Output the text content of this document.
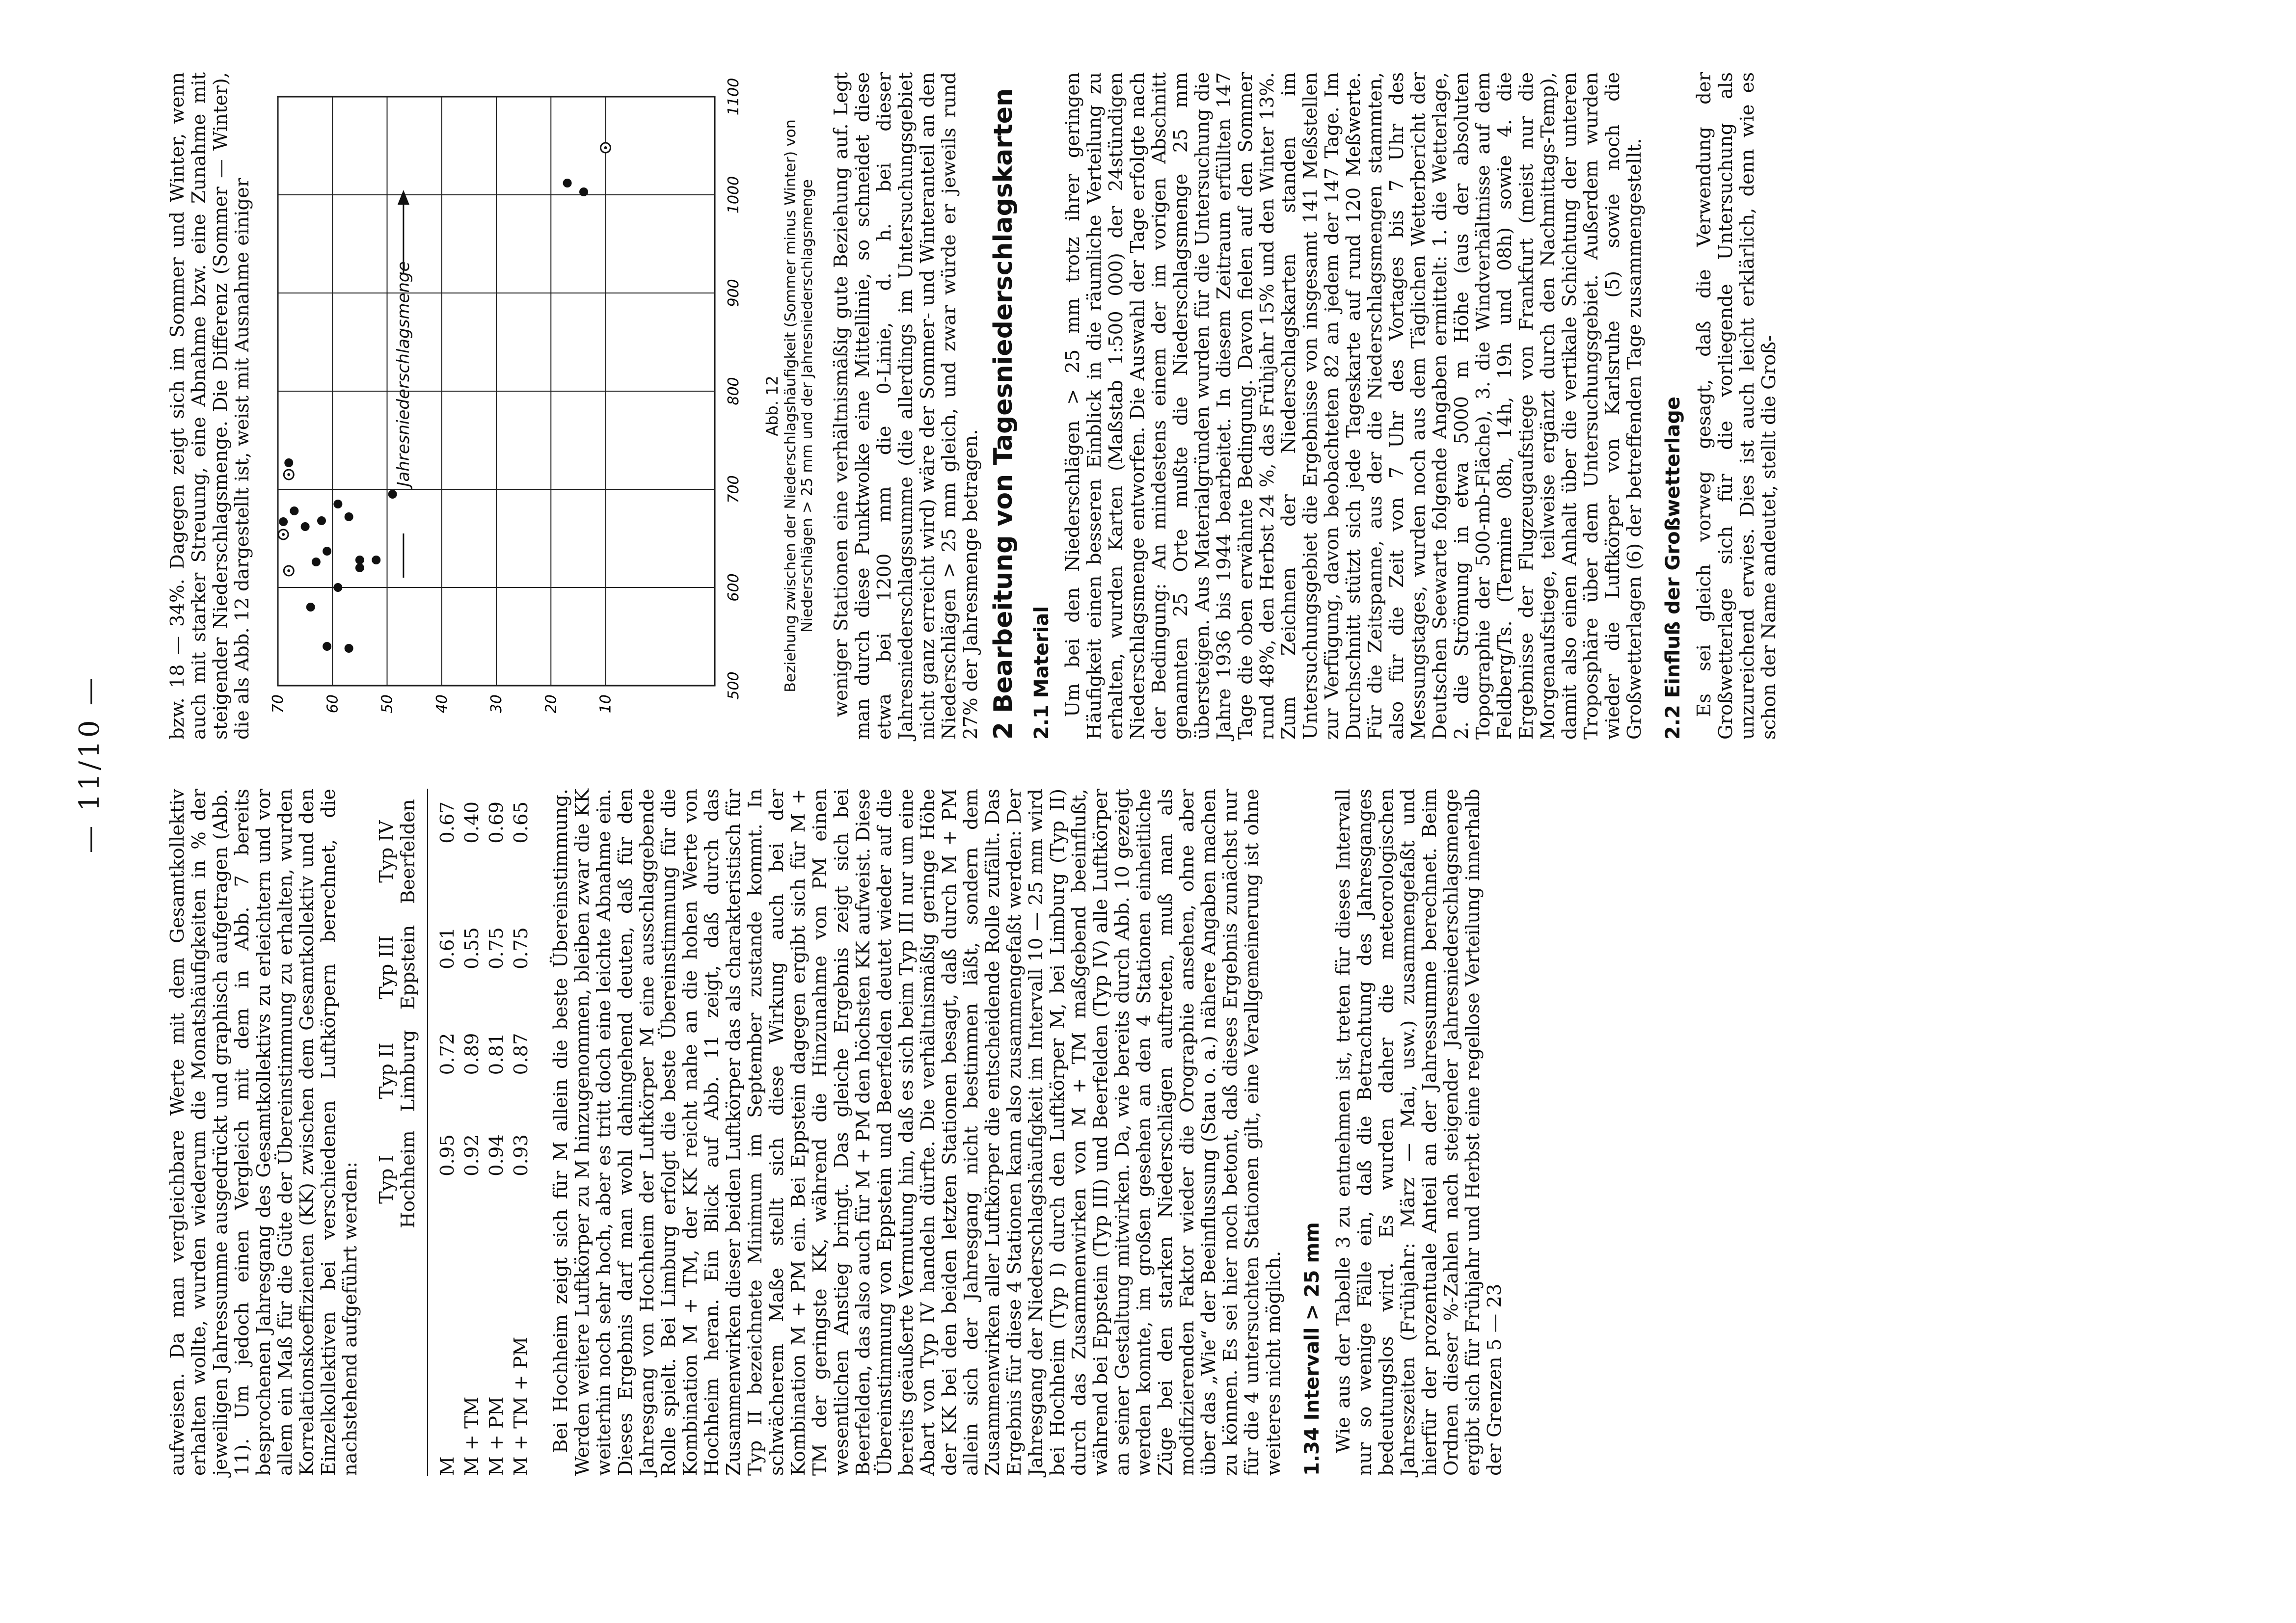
— 11/10 —

aufweisen. Da man vergleichbare Werte mit dem Gesamtkollektiv erhalten wollte, wurden wiederum die Monatshäufigkeiten in % der jeweiligen Jahressumme ausgedrückt und graphisch aufgetragen (Abb. 11). Um jedoch einen Vergleich mit dem in Abb. 7 bereits besprochenen Jahresgang des Gesamtkollektivs zu erleichtern und vor allem ein Maß für die Güte der Übereinstimmung zu erhalten, wurden Korrelationskoeffizienten (KK) zwischen dem Gesamtkollektiv und den Einzelkollektiven bei verschiedenen Luftkörpern berechnet, die nachstehend aufgeführt werden:

	Typ I Hochheim	Typ II Limburg	Typ III Eppstein	Typ IV Beerfelden
M	0.95	0.72	0.61	0.67
M + TM	0.92	0.89	0.55	0.40
M + PM	0.94	0.81	0.75	0.69
M + TM + PM	0.93	0.87	0.75	0.65 Bei Hochheim zeigt sich für M allein die beste Übereinstimmung. Werden weitere Luftkörper zu M hinzugenommen, bleiben zwar die KK weiterhin noch sehr hoch, aber es tritt doch eine leichte Abnahme ein. Dieses Ergebnis darf man wohl dahingehend deuten, daß für den Jahresgang von Hochheim der Luftkörper M eine ausschlaggebende Rolle spielt. Bei Limburg erfolgt die beste Übereinstimmung für die Kombination M + TM, der KK reicht nahe an die hohen Werte von Hochheim heran. Ein Blick auf Abb. 11 zeigt, daß durch das Zusammenwirken dieser beiden Luftkörper das als charakteristisch für Typ II bezeichnete Minimum im September zustande kommt. In schwächerem Maße stellt sich diese Wirkung auch bei der Kombination M + PM ein. Bei Eppstein dagegen ergibt sich für M + TM der geringste KK, während die Hinzunahme von PM einen wesentlichen Anstieg bringt. Das gleiche Ergebnis zeigt sich bei Beerfelden, das also auch für M + PM den höchsten KK aufweist. Diese Übereinstimmung von Eppstein und Beerfelden deutet wieder auf die bereits geäußerte Vermutung hin, daß es sich beim Typ III nur um eine Abart von Typ IV handeln dürfte. Die verhältnismäßig geringe Höhe der KK bei den beiden letzten Stationen besagt, daß durch M + PM allein sich der Jahresgang nicht bestimmen läßt, sondern dem Zusammenwirken aller Luftkörper die entscheidende Rolle zufällt. Das Ergebnis für diese 4 Stationen kann also zusammengefaßt werden: Der Jahresgang der Niederschlagshäufigkeit im Intervall 10 — 25 mm wird bei Hochheim (Typ I) durch den Luftkörper M, bei Limburg (Typ II) durch das Zusammenwirken von M + TM maßgebend beeinflußt, während bei Eppstein (Typ III) und Beerfelden (Typ IV) alle Luftkörper an seiner Gestaltung mitwirken. Da, wie bereits durch Abb. 10 gezeigt werden konnte, im großen gesehen an den 4 Stationen einheitliche Züge bei den starken Niederschlägen auftreten, muß man als modifizierenden Faktor wieder die Orographie ansehen, ohne aber über das „Wie“ der Beeinflussung (Stau o. a.) nähere Angaben machen zu können. Es sei hier noch betont, daß dieses Ergebnis zunächst nur für die 4 untersuchten Stationen gilt, eine Verallgemeinerung ist ohne weiteres nicht möglich. 1.34 Intervall > 25 mm Wie aus der Tabelle 3 zu entnehmen ist, treten für dieses Intervall nur so wenige Fälle ein, daß die Betrachtung des Jahresganges bedeutungslos wird. Es wurden daher die meteorologischen Jahreszeiten (Frühjahr: März — Mai, usw.) zusammengefaßt und hierfür der prozentuale Anteil an der Jahressumme berechnet. Beim Ordnen dieser %-Zahlen nach steigender Jahresniederschlagsmenge ergibt sich für Frühjahr und Herbst eine regellose Verteilung innerhalb der Grenzen 5 — 23

bzw. 18 — 34%. Dagegen zeigt sich im Sommer und Winter, wenn auch mit starker Streuung, eine Abnahme bzw. eine Zunahme mit steigender Niederschlagsmenge. Die Differenz (Sommer — Winter), die als Abb. 12 dargestellt ist, weist mit Ausnahme einiger	500
600
700
800
900
1000
1100
10
20
30
40
50
60
70
Jahresniederschlagsmenge	Abb. 12 Beziehung zwischen der Niederschlagshäufigkeit (Sommer minus Winter) von Niederschlägen > 25 mm und der Jahresniederschlagsmenge weniger Stationen eine verhältnismäßig gute Beziehung auf. Legt man durch diese Punktwolke eine Mittellinie, so schneidet diese etwa bei 1200 mm die 0-Linie, d. h. bei dieser Jahresniederschlagssumme (die allerdings im Untersuchungsgebiet nicht ganz erreicht wird) wäre der Sommer- und Winteranteil an den Niederschlägen > 25 mm gleich, und zwar würde er jeweils rund 27% der Jahresmenge betragen. 2 Bearbeitung von Tagesniederschlagskarten 2.1 Material Um bei den Niederschlägen > 25 mm trotz ihrer geringen Häufigkeit einen besseren Einblick in die räumliche Verteilung zu erhalten, wurden Karten (Maßstab 1:500 000) der 24stündigen Niederschlagsmenge entworfen. Die Auswahl der Tage erfolgte nach der Bedingung: An mindestens einem der im vorigen Abschnitt genannten 25 Orte mußte die Niederschlagsmenge 25 mm übersteigen. Aus Materialgründen wurden für die Untersuchung die Jahre 1936 bis 1944 bearbeitet. In diesem Zeitraum erfüllten 147 Tage die oben erwähnte Bedingung. Davon fielen auf den Sommer rund 48%, den Herbst 24 %, das Frühjahr 15% und den Winter 13%. Zum Zeichnen der Niederschlagskarten standen im Untersuchungsgebiet die Ergebnisse von insgesamt 141 Meßstellen zur Verfügung, davon beobachteten 82 an jedem der 147 Tage. Im Durchschnitt stützt sich jede Tageskarte auf rund 120 Meßwerte. Für die Zeitspanne, aus der die Niederschlagsmengen stammten, also für die Zeit von 7 Uhr des Vortages bis 7 Uhr des Messungstages, wurden noch aus dem Täglichen Wetterbericht der Deutschen Seewarte folgende Angaben ermittelt: 1. die Wetterlage, 2. die Strömung in etwa 5000 m Höhe (aus der absoluten Topographie der 500-mb-Fläche), 3. die Windverhältnisse auf dem Feldberg/Ts. (Termine 08h, 14h, 19h und 08h) sowie 4. die Ergebnisse der Flugzeugaufstiege von Frankfurt (meist nur die Morgenaufstiege, teilweise ergänzt durch den Nachmittags-Temp), damit also einen Anhalt über die vertikale Schichtung der unteren Troposphäre über dem Untersuchungsgebiet. Außerdem wurden wieder die Luftkörper von Karlsruhe (5) sowie noch die Großwetterlagen (6) der betreffenden Tage zusammengestellt. 2.2 Einfluß der Großwetterlage Es sei gleich vorweg gesagt, daß die Verwendung der Großwetterlage sich für die vorliegende Untersuchung als unzureichend erwies. Dies ist auch leicht erklärlich, denn wie es schon der Name andeutet, stellt die Groß-
